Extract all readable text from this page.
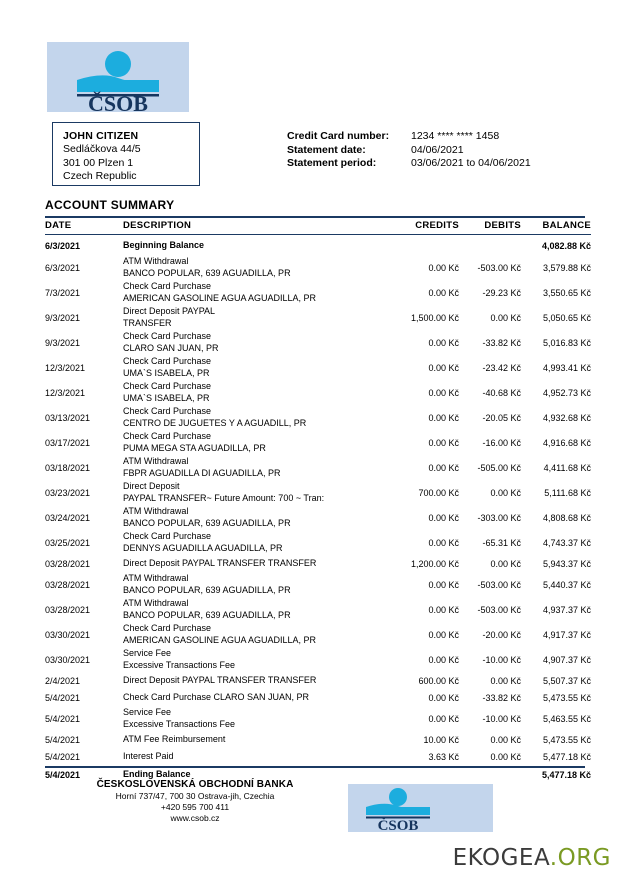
ČSOB
JOHN CITIZEN
Sedláčkova 44/5
301 00 Plzen 1
Czech Republic
Credit Card number:	1234 **** **** 1458
Statement date:	04/06/2021
Statement period:	03/06/2021 to 04/06/2021
ACCOUNT SUMMARY
DATE	DESCRIPTION	CREDITS	DEBITS	BALANCE
6/3/2021	Beginning Balance			4,082.88 Kč
6/3/2021	ATM Withdrawal
BANCO POPULAR, 639 AGUADILLA, PR	0.00 Kč	-503.00 Kč	3,579.88 Kč
7/3/2021	Check Card Purchase
AMERICAN GASOLINE AGUA AGUADILLA, PR	0.00 Kč	-29.23 Kč	3,550.65 Kč
9/3/2021	Direct Deposit PAYPAL
TRANSFER	1,500.00 Kč	0.00 Kč	5,050.65 Kč
9/3/2021	Check Card Purchase
CLARO SAN JUAN, PR	0.00 Kč	-33.82 Kč	5,016.83 Kč
12/3/2021	Check Card Purchase
UMA`S ISABELA, PR	0.00 Kč	-23.42 Kč	4,993.41 Kč
12/3/2021	Check Card Purchase
UMA`S ISABELA, PR	0.00 Kč	-40.68 Kč	4,952.73 Kč
03/13/2021	Check Card Purchase
CENTRO DE JUGUETES Y A AGUADILL, PR	0.00 Kč	-20.05 Kč	4,932.68 Kč
03/17/2021	Check Card Purchase
PUMA MEGA STA AGUADILLA, PR	0.00 Kč	-16.00 Kč	4,916.68 Kč
03/18/2021	ATM Withdrawal
FBPR AGUADILLA DI AGUADILLA, PR	0.00 Kč	-505.00 Kč	4,411.68 Kč
03/23/2021	Direct Deposit
PAYPAL TRANSFER~ Future Amount: 700 ~ Tran:	700.00 Kč	0.00 Kč	5,111.68 Kč
03/24/2021	ATM Withdrawal
BANCO POPULAR, 639 AGUADILLA, PR	0.00 Kč	-303.00 Kč	4,808.68 Kč
03/25/2021	Check Card Purchase
DENNYS AGUADILLA AGUADILLA, PR	0.00 Kč	-65.31 Kč	4,743.37 Kč
03/28/2021	Direct Deposit PAYPAL TRANSFER TRANSFER	1,200.00 Kč	0.00 Kč	5,943.37 Kč
03/28/2021	ATM Withdrawal
BANCO POPULAR, 639 AGUADILLA, PR	0.00 Kč	-503.00 Kč	5,440.37 Kč
03/28/2021	ATM Withdrawal
BANCO POPULAR, 639 AGUADILLA, PR	0.00 Kč	-503.00 Kč	4,937.37 Kč
03/30/2021	Check Card Purchase
AMERICAN GASOLINE AGUA AGUADILLA, PR	0.00 Kč	-20.00 Kč	4,917.37 Kč
03/30/2021	Service Fee
Excessive Transactions Fee	0.00 Kč	-10.00 Kč	4,907.37 Kč
2/4/2021	Direct Deposit PAYPAL TRANSFER TRANSFER	600.00 Kč	0.00 Kč	5,507.37 Kč
5/4/2021	Check Card Purchase CLARO SAN JUAN, PR	0.00 Kč	-33.82 Kč	5,473.55 Kč
5/4/2021	Service Fee
Excessive Transactions Fee	0.00 Kč	-10.00 Kč	5,463.55 Kč
5/4/2021	ATM Fee Reimbursement	10.00 Kč	0.00 Kč	5,473.55 Kč
5/4/2021	Interest Paid	3.63 Kč	0.00 Kč	5,477.18 Kč
5/4/2021	Ending Balance			5,477.18 Kč
ČESKOSLOVENSKÁ OBCHODNÍ BANKA
Horní 737/47, 700 30 Ostrava-jih, Czechia
+420 595 700 411
www.csob.cz	ČSOB
EKOGEA.ORG
